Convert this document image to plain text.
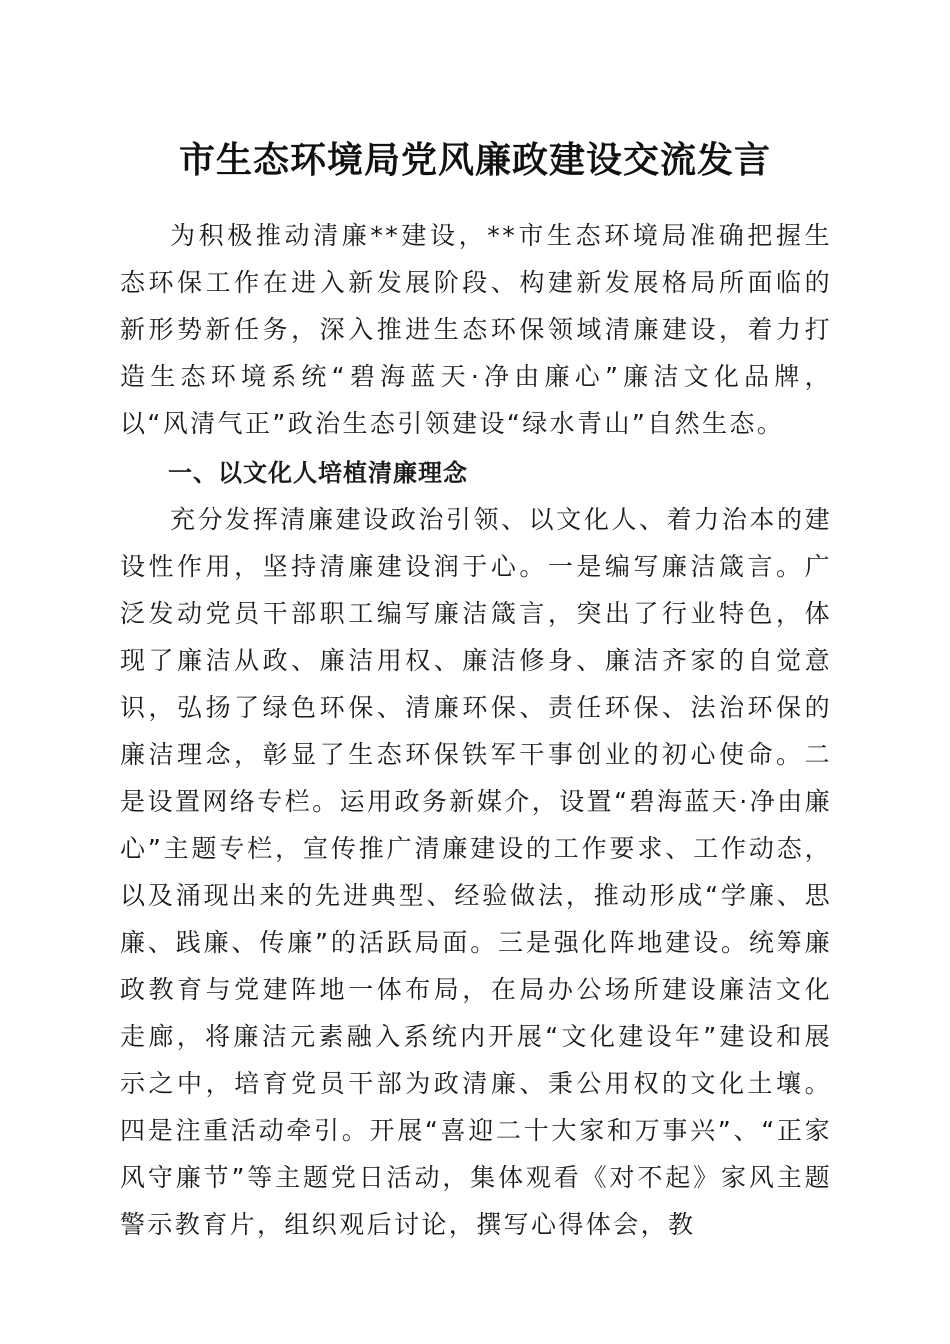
市生态环境局党风廉政建设交流发言

为积极推动清廉**建设，**市生态环境局准确把握生态环保工作在进入新发展阶段、构建新发展格局所面临的新形势新任务，深入推进生态环保领域清廉建设，着力打造生态环境系统“碧海蓝天·净由廉心”廉洁文化品牌，以“风清气正”政治生态引领建设“绿水青山”自然生态。

一、以文化人培植清廉理念

充分发挥清廉建设政治引领、以文化人、着力治本的建设性作用，坚持清廉建设润于心。一是编写廉洁箴言。广泛发动党员干部职工编写廉洁箴言，突出了行业特色，体现了廉洁从政、廉洁用权、廉洁修身、廉洁齐家的自觉意识，弘扬了绿色环保、清廉环保、责任环保、法治环保的廉洁理念，彰显了生态环保铁军干事创业的初心使命。二是设置网络专栏。运用政务新媒介，设置“碧海蓝天·净由廉心”主题专栏，宣传推广清廉建设的工作要求、工作动态，以及涌现出来的先进典型、经验做法，推动形成“学廉、思廉、践廉、传廉”的活跃局面。三是强化阵地建设。统筹廉政教育与党建阵地一体布局，在局办公场所建设廉洁文化走廊，将廉洁元素融入系统内开展“文化建设年”建设和展示之中，培育党员干部为政清廉、秉公用权的文化土壤。四是注重活动牵引。开展“喜迎二十大家和万事兴”、“正家风守廉节”等主题党日活动，集体观看《对不起》家风主题警示教育片，组织观后讨论，撰写心得体会，教
